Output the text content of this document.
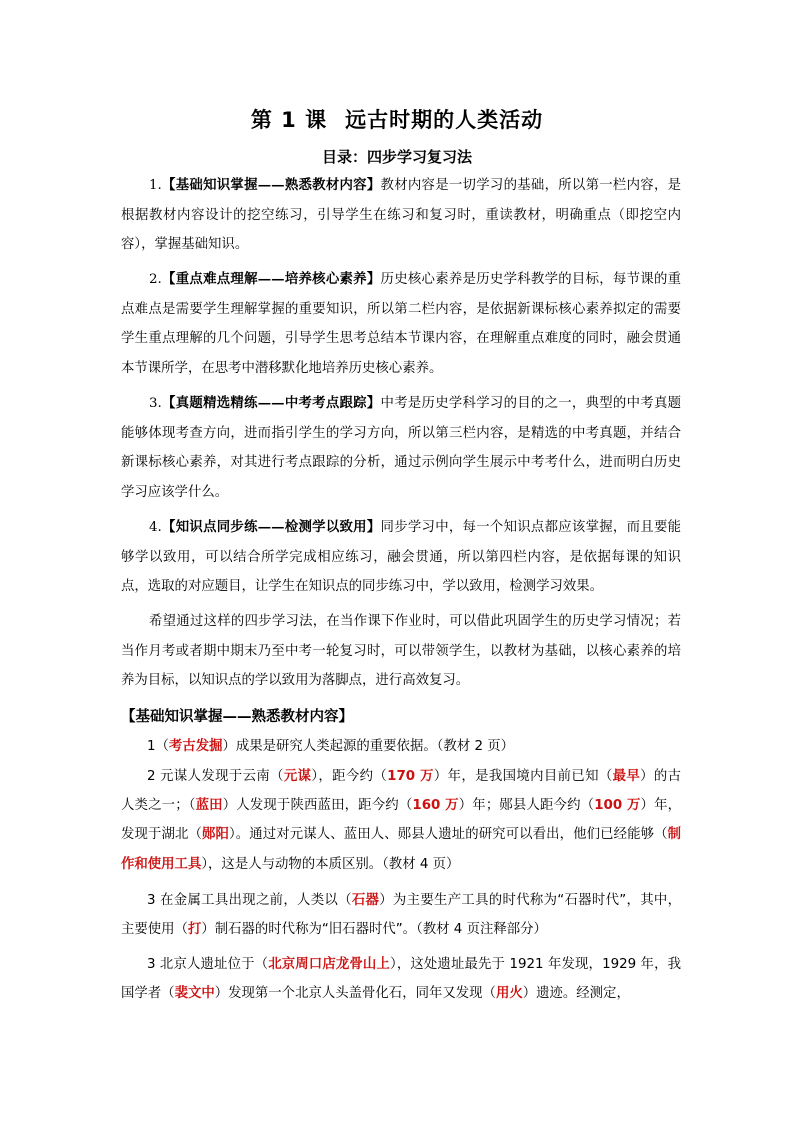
第 1 课 远古时期的人类活动
目录：四步学习复习法

1.【基础知识掌握——熟悉教材内容】教材内容是一切学习的基础，所以第一栏内容，是根据教材内容设计的挖空练习，引导学生在练习和复习时，重读教材，明确重点（即挖空内容），掌握基础知识。

2.【重点难点理解——培养核心素养】历史核心素养是历史学科教学的目标，每节课的重点难点是需要学生理解掌握的重要知识，所以第二栏内容，是依据新课标核心素养拟定的需要学生重点理解的几个问题，引导学生思考总结本节课内容，在理解重点难度的同时，融会贯通本节课所学，在思考中潜移默化地培养历史核心素养。

3.【真题精选精练——中考考点跟踪】中考是历史学科学习的目的之一，典型的中考真题能够体现考查方向，进而指引学生的学习方向，所以第三栏内容，是精选的中考真题，并结合新课标核心素养，对其进行考点跟踪的分析，通过示例向学生展示中考考什么，进而明白历史学习应该学什么。

4.【知识点同步练——检测学以致用】同步学习中，每一个知识点都应该掌握，而且要能够学以致用，可以结合所学完成相应练习，融会贯通，所以第四栏内容，是依据每课的知识点，选取的对应题目，让学生在知识点的同步练习中，学以致用，检测学习效果。

希望通过这样的四步学习法，在当作课下作业时，可以借此巩固学生的历史学习情况；若当作月考或者期中期末乃至中考一轮复习时，可以带领学生，以教材为基础，以核心素养的培养为目标，以知识点的学以致用为落脚点，进行高效复习。

【基础知识掌握——熟悉教材内容】

1（考古发掘）成果是研究人类起源的重要依据。（教材 2 页）

2 元谋人发现于云南（元谋），距今约（170 万）年，是我国境内目前已知（最早）的古人类之一；（蓝田）人发现于陕西蓝田，距今约（160 万）年；郧县人距今约（100 万）年，发现于湖北（郧阳）。通过对元谋人、蓝田人、郧县人遗址的研究可以看出，他们已经能够（制作和使用工具），这是人与动物的本质区别。（教材 4 页）

3 在金属工具出现之前，人类以（石器）为主要生产工具的时代称为“石器时代”，其中，主要使用（打）制石器的时代称为“旧石器时代”。（教材 4 页注释部分）

3 北京人遗址位于（北京周口店龙骨山上），这处遗址最先于 1921 年发现，1929 年，我国学者（裴文中）发现第一个北京人头盖骨化石，同年又发现（用火）遗迹。经测定，
